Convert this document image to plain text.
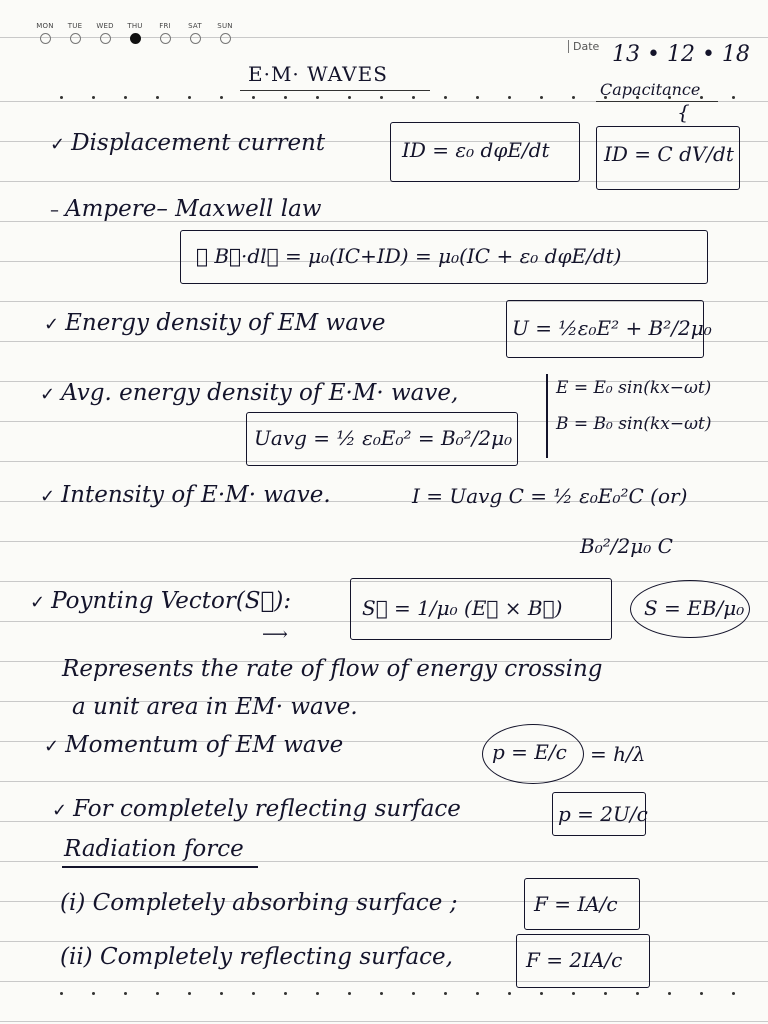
MON TUE WED THU FRI SAT SUN
Date 13 • 12 • 18
E·M· WAVES
Capacitance
{
✓ Displacement current	ID = ε₀ dφE/dt	ID = C dV/dt
– Ampere– Maxwell law
∮ B⃗·dl⃗ = μ₀(IC+ID) = μ₀(IC + ε₀ dφE/dt)
✓ Energy density of EM wave	U = ½ε₀E² + B²/2μ₀
✓ Avg. energy density of E·M· wave,
Uavg = ½ ε₀E₀² = B₀²/2μ₀
E = E₀ sin(kx−ωt)
B = B₀ sin(kx−ωt)
✓ Intensity of E·M· wave.	I = Uavg C = ½ ε₀E₀²C (or)
B₀²/2μ₀ C
✓ Poynting Vector(S⃗):
⟶
S⃗ = 1/μ₀ (E⃗ × B⃗)	S = EB/μ₀
Represents the rate of flow of energy crossing
a unit area in EM· wave.
✓ Momentum of EM wave	p = E/c = h/λ
✓ For completely reflecting surface	p = 2U/c
Radiation force
(i) Completely absorbing surface ;	F = IA/c
(ii) Completely reflecting surface,	F = 2IA/c
